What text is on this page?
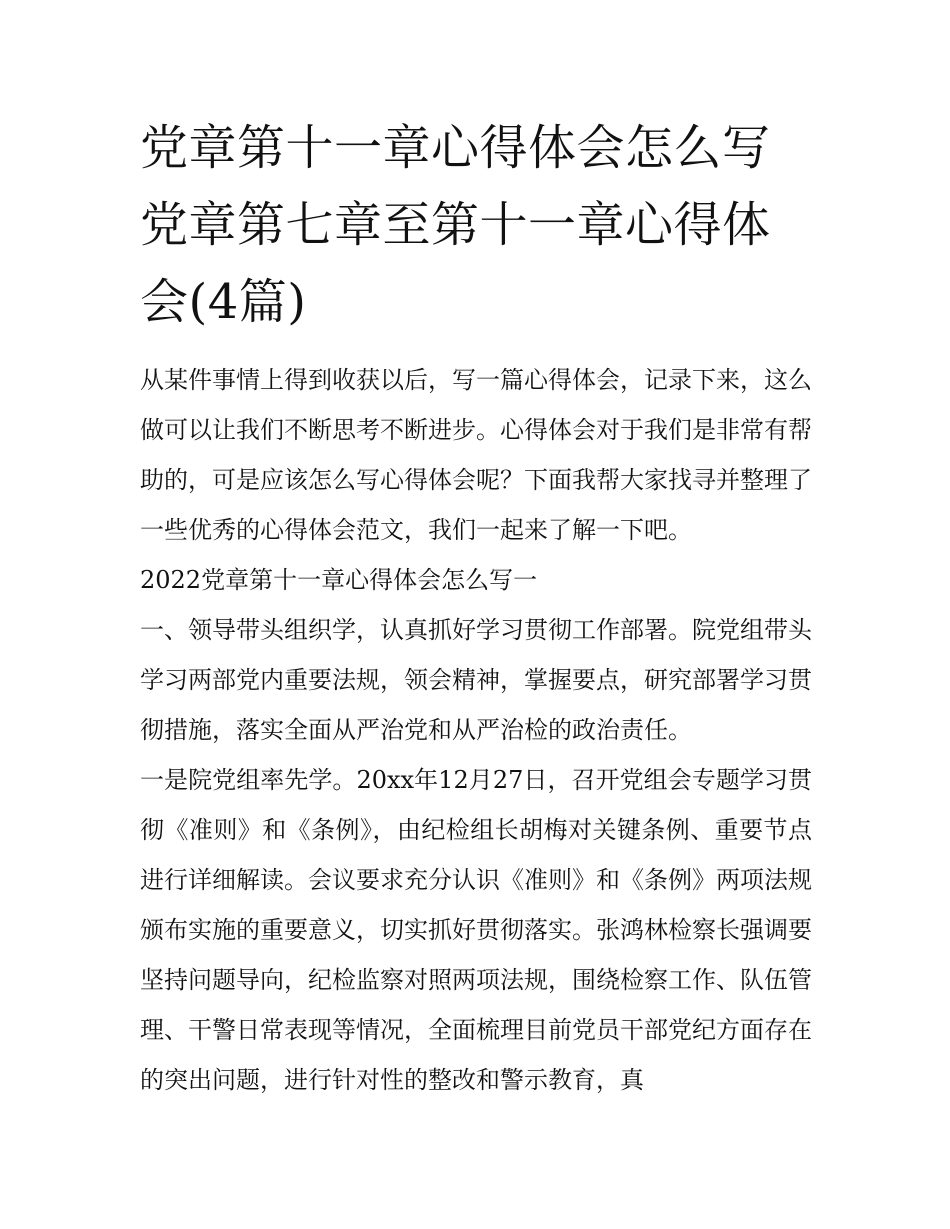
党章第十一章心得体会怎么写 党章第七章至第十一章心得体会(4篇)

从某件事情上得到收获以后，写一篇心得体会，记录下来，这么做可以让我们不断思考不断进步。心得体会对于我们是非常有帮助的，可是应该怎么写心得体会呢？下面我帮大家找寻并整理了一些优秀的心得体会范文，我们一起来了解一下吧。

2022党章第十一章心得体会怎么写一

一、领导带头组织学，认真抓好学习贯彻工作部署。院党组带头学习两部党内重要法规，领会精神，掌握要点，研究部署学习贯彻措施，落实全面从严治党和从严治检的政治责任。

一是院党组率先学。20xx年12月27日，召开党组会专题学习贯彻《准则》和《条例》，由纪检组长胡梅对关键条例、重要节点进行详细解读。会议要求充分认识《准则》和《条例》两项法规颁布实施的重要意义，切实抓好贯彻落实。张鸿林检察长强调要坚持问题导向，纪检监察对照两项法规，围绕检察工作、队伍管理、干警日常表现等情况，全面梳理目前党员干部党纪方面存在的突出问题，进行针对性的整改和警示教育，真
